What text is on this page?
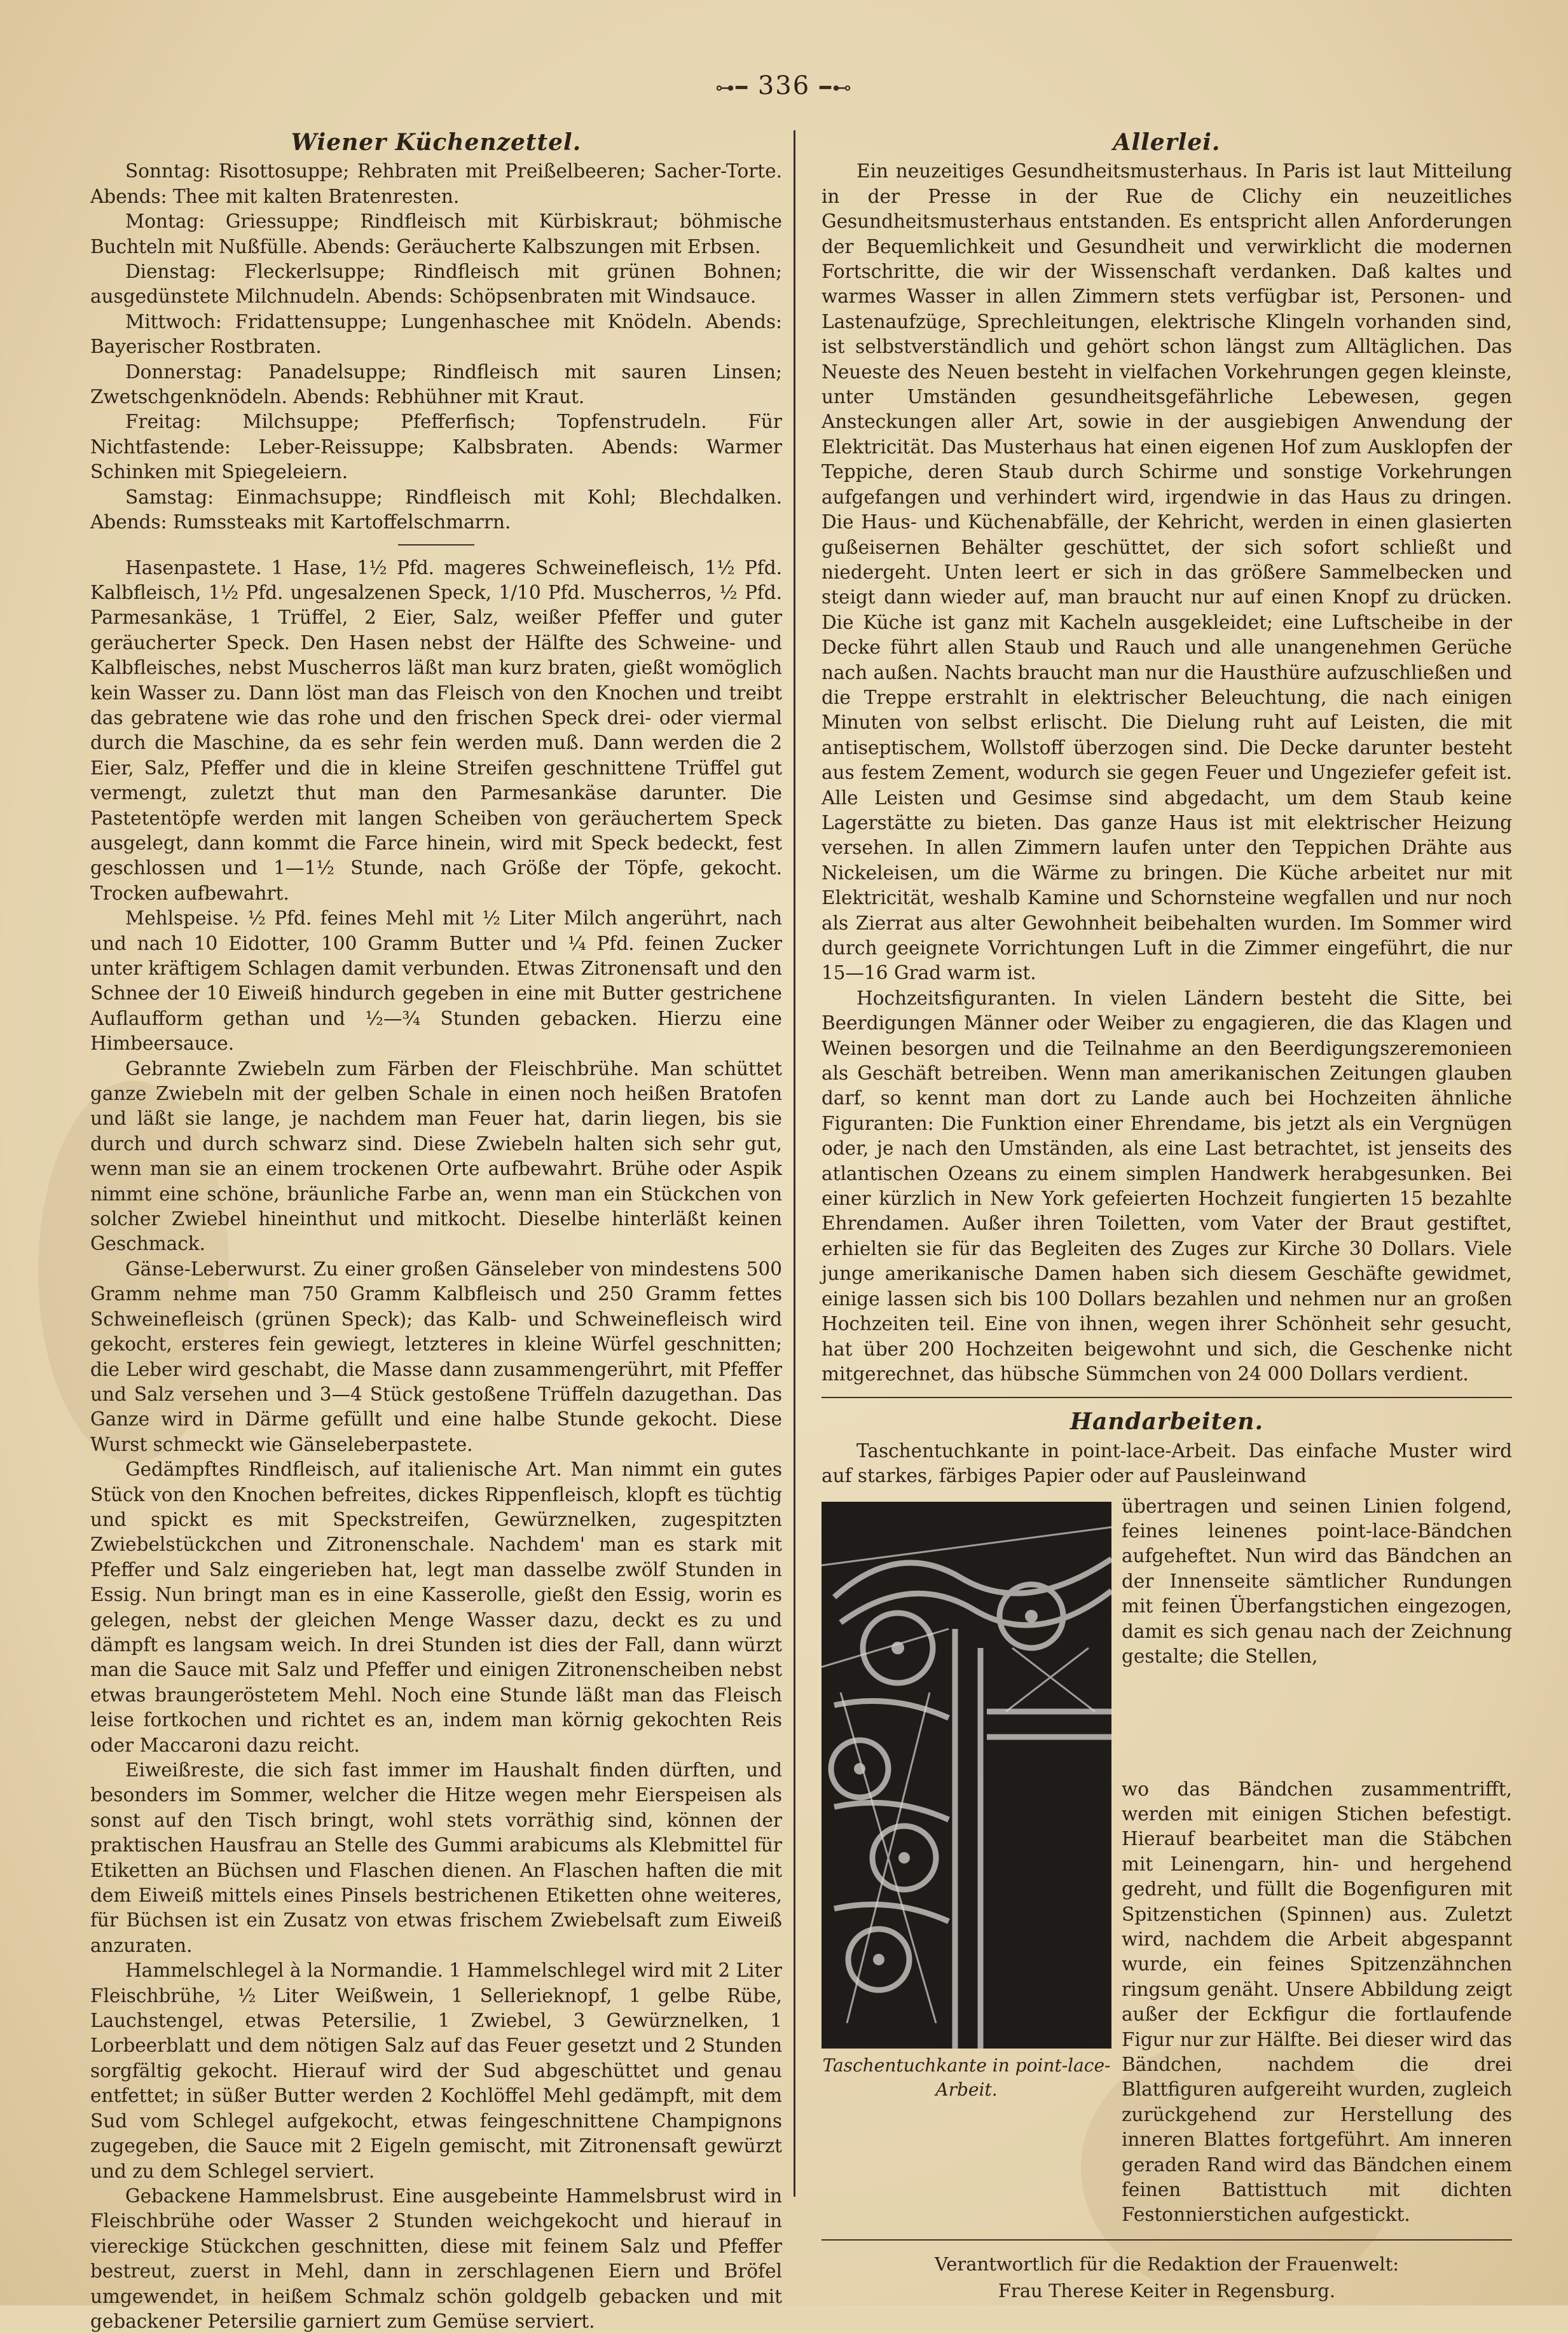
⊶━ 336 ━⊷
Wiener Küchenzettel.

Sonntag: Risottosuppe; Rehbraten mit Preißelbeeren; Sacher-Torte. Abends: Thee mit kalten Bratenresten.

Montag: Griessuppe; Rindfleisch mit Kürbiskraut; böhmische Buchteln mit Nußfülle. Abends: Geräucherte Kalbszungen mit Erbsen.

Dienstag: Fleckerlsuppe; Rindfleisch mit grünen Bohnen; ausgedünstete Milchnudeln. Abends: Schöpsenbraten mit Windsauce.

Mittwoch: Fridattensuppe; Lungenhaschee mit Knödeln. Abends: Bayerischer Rostbraten.

Donnerstag: Panadelsuppe; Rindfleisch mit sauren Linsen; Zwetschgenknödeln. Abends: Rebhühner mit Kraut.

Freitag: Milchsuppe; Pfefferfisch; Topfenstrudeln. Für Nichtfastende: Leber-Reissuppe; Kalbsbraten. Abends: Warmer Schinken mit Spiegeleiern.

Samstag: Einmachsuppe; Rindfleisch mit Kohl; Blechdalken. Abends: Rumssteaks mit Kartoffelschmarrn.

Hasenpastete. 1 Hase, 1½ Pfd. mageres Schweinefleisch, 1½ Pfd. Kalbfleisch, 1½ Pfd. ungesalzenen Speck, 1/10 Pfd. Muscherros, ½ Pfd. Parmesankäse, 1 Trüffel, 2 Eier, Salz, weißer Pfeffer und guter geräucherter Speck. Den Hasen nebst der Hälfte des Schweine- und Kalbfleisches, nebst Muscherros läßt man kurz braten, gießt womöglich kein Wasser zu. Dann löst man das Fleisch von den Knochen und treibt das gebratene wie das rohe und den frischen Speck drei- oder viermal durch die Maschine, da es sehr fein werden muß. Dann werden die 2 Eier, Salz, Pfeffer und die in kleine Streifen geschnittene Trüffel gut vermengt, zuletzt thut man den Parmesankäse darunter. Die Pastetentöpfe werden mit langen Scheiben von geräuchertem Speck ausgelegt, dann kommt die Farce hinein, wird mit Speck bedeckt, fest geschlossen und 1—1½ Stunde, nach Größe der Töpfe, gekocht. Trocken aufbewahrt.

Mehlspeise. ½ Pfd. feines Mehl mit ½ Liter Milch angerührt, nach und nach 10 Eidotter, 100 Gramm Butter und ¼ Pfd. feinen Zucker unter kräftigem Schlagen damit verbunden. Etwas Zitronensaft und den Schnee der 10 Eiweiß hindurch gegeben in eine mit Butter gestrichene Auflaufform gethan und ½—¾ Stunden gebacken. Hierzu eine Himbeersauce.

Gebrannte Zwiebeln zum Färben der Fleischbrühe. Man schüttet ganze Zwiebeln mit der gelben Schale in einen noch heißen Bratofen und läßt sie lange, je nachdem man Feuer hat, darin liegen, bis sie durch und durch schwarz sind. Diese Zwiebeln halten sich sehr gut, wenn man sie an einem trockenen Orte aufbewahrt. Brühe oder Aspik nimmt eine schöne, bräunliche Farbe an, wenn man ein Stückchen von solcher Zwiebel hineinthut und mitkocht. Dieselbe hinterläßt keinen Geschmack.

Gänse-Leberwurst. Zu einer großen Gänseleber von mindestens 500 Gramm nehme man 750 Gramm Kalbfleisch und 250 Gramm fettes Schweinefleisch (grünen Speck); das Kalb- und Schweinefleisch wird gekocht, ersteres fein gewiegt, letzteres in kleine Würfel geschnitten; die Leber wird geschabt, die Masse dann zusammengerührt, mit Pfeffer und Salz versehen und 3—4 Stück gestoßene Trüffeln dazugethan. Das Ganze wird in Därme gefüllt und eine halbe Stunde gekocht. Diese Wurst schmeckt wie Gänseleberpastete.

Gedämpftes Rindfleisch, auf italienische Art. Man nimmt ein gutes Stück von den Knochen befreites, dickes Rippenfleisch, klopft es tüchtig und spickt es mit Speckstreifen, Gewürznelken, zugespitzten Zwiebelstückchen und Zitronenschale. Nachdem' man es stark mit Pfeffer und Salz eingerieben hat, legt man dasselbe zwölf Stunden in Essig. Nun bringt man es in eine Kasserolle, gießt den Essig, worin es gelegen, nebst der gleichen Menge Wasser dazu, deckt es zu und dämpft es langsam weich. In drei Stunden ist dies der Fall, dann würzt man die Sauce mit Salz und Pfeffer und einigen Zitronenscheiben nebst etwas braungeröstetem Mehl. Noch eine Stunde läßt man das Fleisch leise fortkochen und richtet es an, indem man körnig gekochten Reis oder Maccaroni dazu reicht.

Eiweißreste, die sich fast immer im Haushalt finden dürften, und besonders im Sommer, welcher die Hitze wegen mehr Eierspeisen als sonst auf den Tisch bringt, wohl stets vorräthig sind, können der praktischen Hausfrau an Stelle des Gummi arabicums als Klebmittel für Etiketten an Büchsen und Flaschen dienen. An Flaschen haften die mit dem Eiweiß mittels eines Pinsels bestrichenen Etiketten ohne weiteres, für Büchsen ist ein Zusatz von etwas frischem Zwiebelsaft zum Eiweiß anzuraten.

Hammelschlegel à la Normandie. 1 Hammelschlegel wird mit 2 Liter Fleischbrühe, ½ Liter Weißwein, 1 Sellerieknopf, 1 gelbe Rübe, Lauchstengel, etwas Petersilie, 1 Zwiebel, 3 Gewürznelken, 1 Lorbeerblatt und dem nötigen Salz auf das Feuer gesetzt und 2 Stunden sorgfältig gekocht. Hierauf wird der Sud abgeschüttet und genau entfettet; in süßer Butter werden 2 Kochlöffel Mehl gedämpft, mit dem Sud vom Schlegel aufgekocht, etwas feingeschnittene Champignons zugegeben, die Sauce mit 2 Eigeln gemischt, mit Zitronensaft gewürzt und zu dem Schlegel serviert.

Gebackene Hammelsbrust. Eine ausgebeinte Hammelsbrust wird in Fleischbrühe oder Wasser 2 Stunden weichgekocht und hierauf in viereckige Stückchen geschnitten, diese mit feinem Salz und Pfeffer bestreut, zuerst in Mehl, dann in zerschlagenen Eiern und Bröfel umgewendet, in heißem Schmalz schön goldgelb gebacken und mit gebackener Petersilie garniert zum Gemüse serviert.

Allerlei.

Ein neuzeitiges Gesundheitsmusterhaus. In Paris ist laut Mitteilung in der Presse in der Rue de Clichy ein neuzeitliches Gesundheitsmusterhaus entstanden. Es entspricht allen Anforderungen der Bequemlichkeit und Gesundheit und verwirklicht die modernen Fortschritte, die wir der Wissenschaft verdanken. Daß kaltes und warmes Wasser in allen Zimmern stets verfügbar ist, Personen- und Lastenaufzüge, Sprechleitungen, elektrische Klingeln vorhanden sind, ist selbstverständlich und gehört schon längst zum Alltäglichen. Das Neueste des Neuen besteht in vielfachen Vorkehrungen gegen kleinste, unter Umständen gesundheitsgefährliche Lebewesen, gegen Ansteckungen aller Art, sowie in der ausgiebigen Anwendung der Elektricität. Das Musterhaus hat einen eigenen Hof zum Ausklopfen der Teppiche, deren Staub durch Schirme und sonstige Vorkehrungen aufgefangen und verhindert wird, irgendwie in das Haus zu dringen. Die Haus- und Küchenabfälle, der Kehricht, werden in einen glasierten gußeisernen Behälter geschüttet, der sich sofort schließt und niedergeht. Unten leert er sich in das größere Sammelbecken und steigt dann wieder auf, man braucht nur auf einen Knopf zu drücken. Die Küche ist ganz mit Kacheln ausgekleidet; eine Luftscheibe in der Decke führt allen Staub und Rauch und alle unangenehmen Gerüche nach außen. Nachts braucht man nur die Hausthüre aufzuschließen und die Treppe erstrahlt in elektrischer Beleuchtung, die nach einigen Minuten von selbst erlischt. Die Dielung ruht auf Leisten, die mit antiseptischem, Wollstoff überzogen sind. Die Decke darunter besteht aus festem Zement, wodurch sie gegen Feuer und Ungeziefer gefeit ist. Alle Leisten und Gesimse sind abgedacht, um dem Staub keine Lagerstätte zu bieten. Das ganze Haus ist mit elektrischer Heizung versehen. In allen Zimmern laufen unter den Teppichen Drähte aus Nickeleisen, um die Wärme zu bringen. Die Küche arbeitet nur mit Elektricität, weshalb Kamine und Schornsteine wegfallen und nur noch als Zierrat aus alter Gewohnheit beibehalten wurden. Im Sommer wird durch geeignete Vorrichtungen Luft in die Zimmer eingeführt, die nur 15—16 Grad warm ist.

Hochzeitsfiguranten. In vielen Ländern besteht die Sitte, bei Beerdigungen Männer oder Weiber zu engagieren, die das Klagen und Weinen besorgen und die Teilnahme an den Beerdigungszeremonieen als Geschäft betreiben. Wenn man amerikanischen Zeitungen glauben darf, so kennt man dort zu Lande auch bei Hochzeiten ähnliche Figuranten: Die Funktion einer Ehrendame, bis jetzt als ein Vergnügen oder, je nach den Umständen, als eine Last betrachtet, ist jenseits des atlantischen Ozeans zu einem simplen Handwerk herabgesunken. Bei einer kürzlich in New York gefeierten Hochzeit fungierten 15 bezahlte Ehrendamen. Außer ihren Toiletten, vom Vater der Braut gestiftet, erhielten sie für das Begleiten des Zuges zur Kirche 30 Dollars. Viele junge amerikanische Damen haben sich diesem Geschäfte gewidmet, einige lassen sich bis 100 Dollars bezahlen und nehmen nur an großen Hochzeiten teil. Eine von ihnen, wegen ihrer Schönheit sehr gesucht, hat über 200 Hochzeiten beigewohnt und sich, die Geschenke nicht mitgerechnet, das hübsche Sümmchen von 24 000 Dollars verdient.

Handarbeiten.

Taschentuchkante in point-lace-Arbeit. Das einfache Muster wird auf starkes, färbiges Papier oder auf Pausleinwand

Taschentuchkante in point-lace-Arbeit.

übertragen und seinen Linien folgend, feines leinenes point-lace-Bändchen aufgeheftet. Nun wird das Bändchen an der Innenseite sämtlicher Rundungen mit feinen Überfangstichen eingezogen, damit es sich genau nach der Zeichnung gestalte; die Stellen,

wo das Bändchen zusammentrifft, werden mit einigen Stichen befestigt. Hierauf bearbeitet man die Stäbchen mit Leinengarn, hin- und hergehend gedreht, und füllt die Bogenfiguren mit Spitzenstichen (Spinnen) aus. Zuletzt wird, nachdem die Arbeit abgespannt wurde, ein feines Spitzenzähnchen ringsum genäht. Unsere Abbildung zeigt außer der Eckfigur die fortlaufende Figur nur zur Hälfte. Bei dieser wird das Bändchen, nachdem die drei Blattfiguren aufgereiht wurden, zugleich zurückgehend zur Herstellung des inneren Blattes fortgeführt. Am inneren geraden Rand wird das Bändchen einem feinen Battisttuch mit dichten Festonnierstichen aufgestickt.

Verantwortlich für die Redaktion der Frauenwelt:
Frau Therese Keiter in Regensburg.
